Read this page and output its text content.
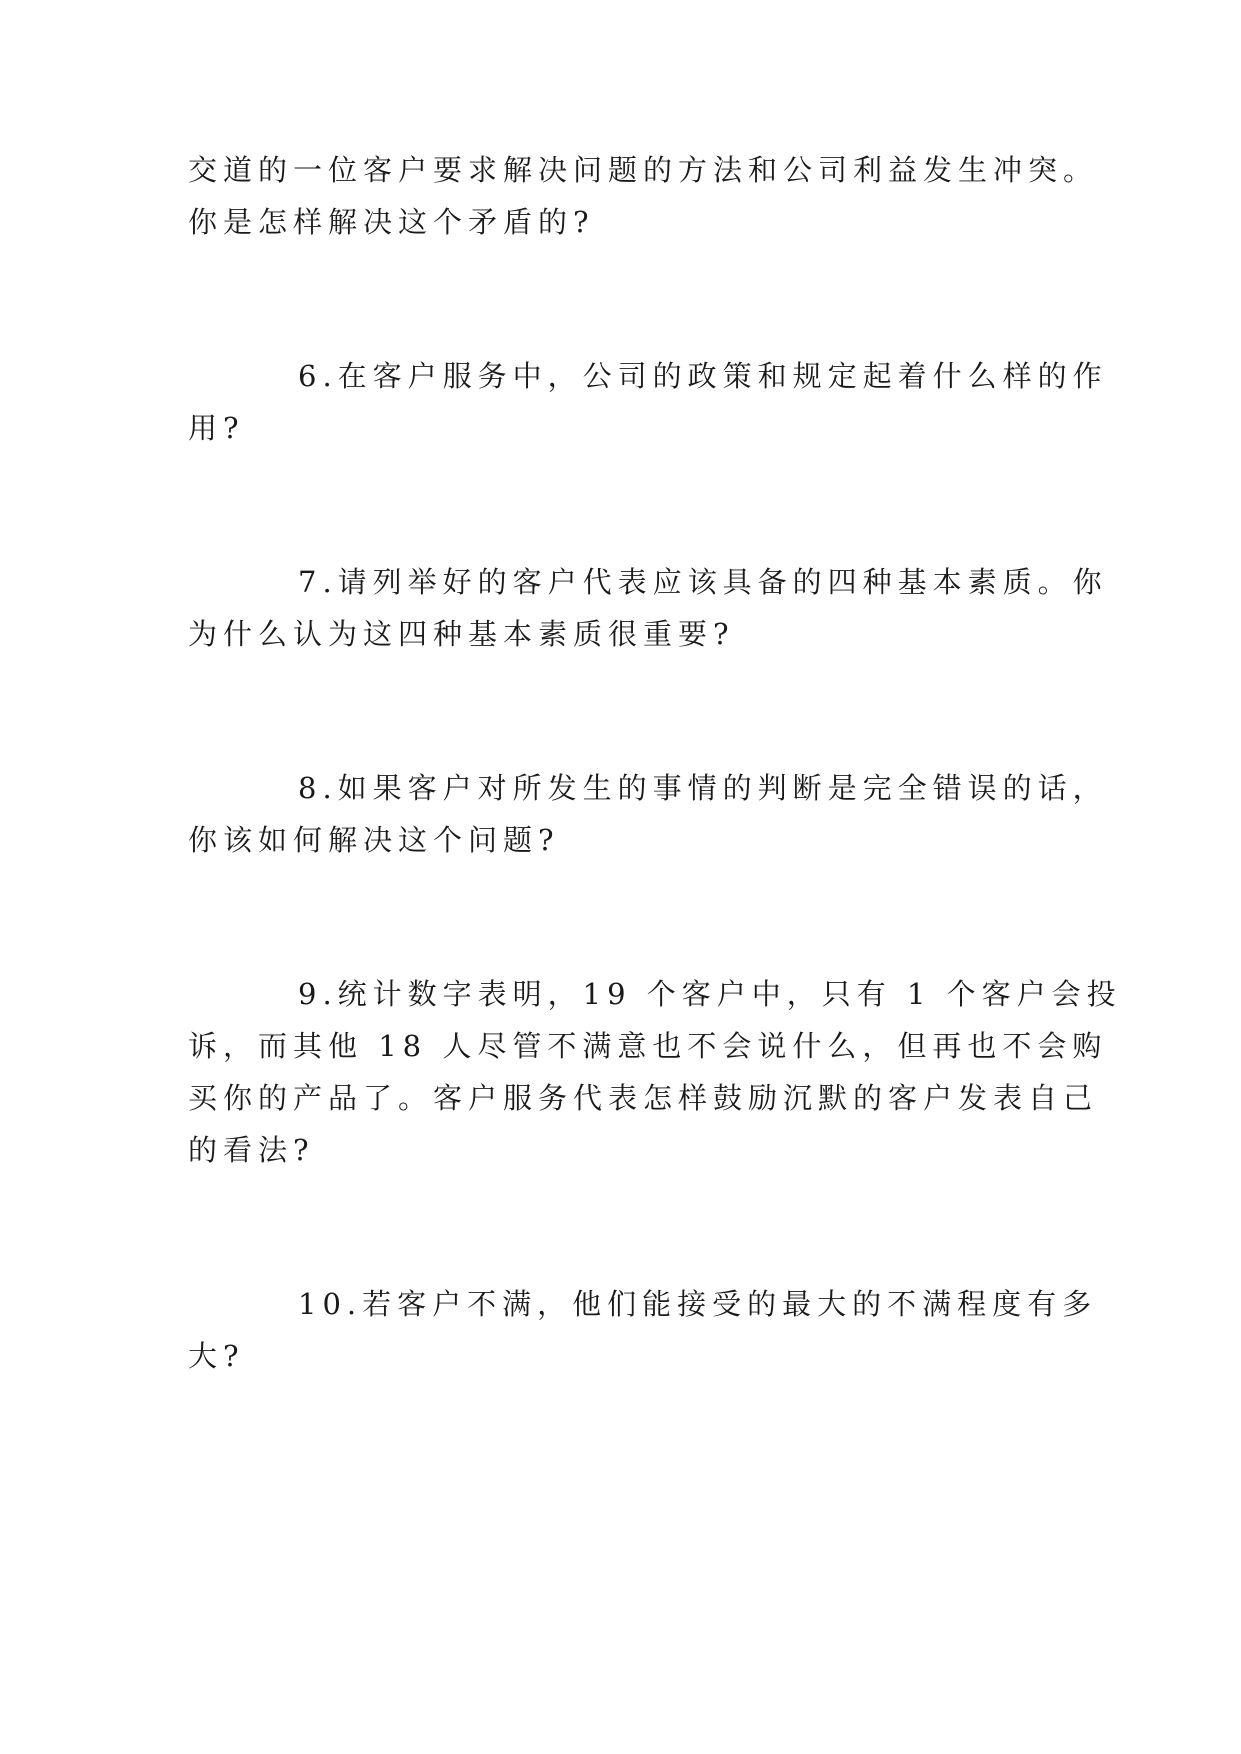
交道的一位客户要求解决问题的方法和公司利益发生冲突。
你是怎样解决这个矛盾的?
6.在客户服务中，公司的政策和规定起着什么样的作
用?
7.请列举好的客户代表应该具备的四种基本素质。你
为什么认为这四种基本素质很重要?
8.如果客户对所发生的事情的判断是完全错误的话，
你该如何解决这个问题?
9.统计数字表明，19 个客户中，只有 1 个客户会投
诉，而其他 18 人尽管不满意也不会说什么，但再也不会购
买你的产品了。客户服务代表怎样鼓励沉默的客户发表自己
的看法?
10.若客户不满，他们能接受的最大的不满程度有多
大?
